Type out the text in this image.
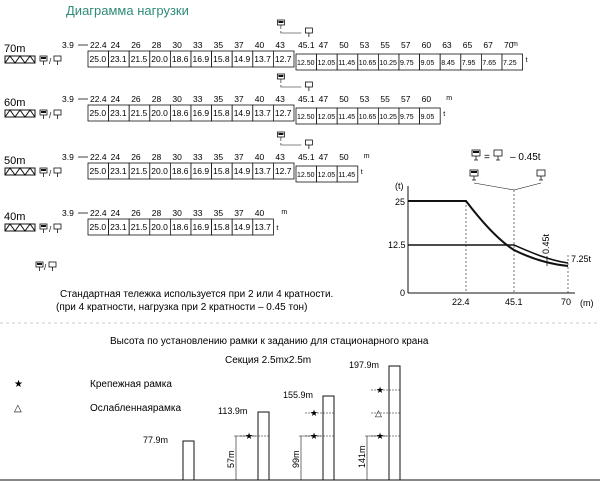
Диаграмма нагрузки
70m
/
3.9 22.4 24 26 28 30 33 35 37 40 43 45.1 47 50 53 55 57 60 63 65 67 70
m
25.0 23.1 21.5 20.0 18.6 16.9 15.8 14.9 13.7 12.7 12.50 12.05 11.45 10.65 10.25 9.75 9.05 8.45 7.95 7.65 7.25 t
60m
/
3.9 22.4 24 26 28 30 33 35 37 40 43 45.1 47 50 53 55 57 60 m
25.0 23.1 21.5 20.0 18.6 16.9 15.8 14.9 13.7 12.7 12.50 12.05 11.45 10.65 10.25 9.75 9.05 t
50m
/
3.9 22.4 24 26 28 30 33 35 37 40 43 45.1 47 50 m
25.0 23.1 21.5 20.0 18.6 16.9 15.8 14.9 13.7 12.7 12.50 12.05 11.45 t
40m
/
3.9 22.4 24 26 28 30 33 35 37 40 m
25.0 23.1 21.5 20.0 18.6 16.9 15.8 14.9 13.7 t
Стандартная тележка используется при 2 или 4 кратности.
(при 4 кратности, нагрузка при 2 кратности – 0.45 тон)
= – 0.45t
(t)
(m)
25
12.5
0
22.4	45.1	70
0.45t
7.25t
Высота по установлению рамки к заданию для стационарного крана
Секция 2.5mx2.5m
★	Крепежная рамка
△	Ослабленнаярамка
77.9m
113.9m
★
57m
155.9m
★
★
99m
197.9m
★
★
△
141m
/
